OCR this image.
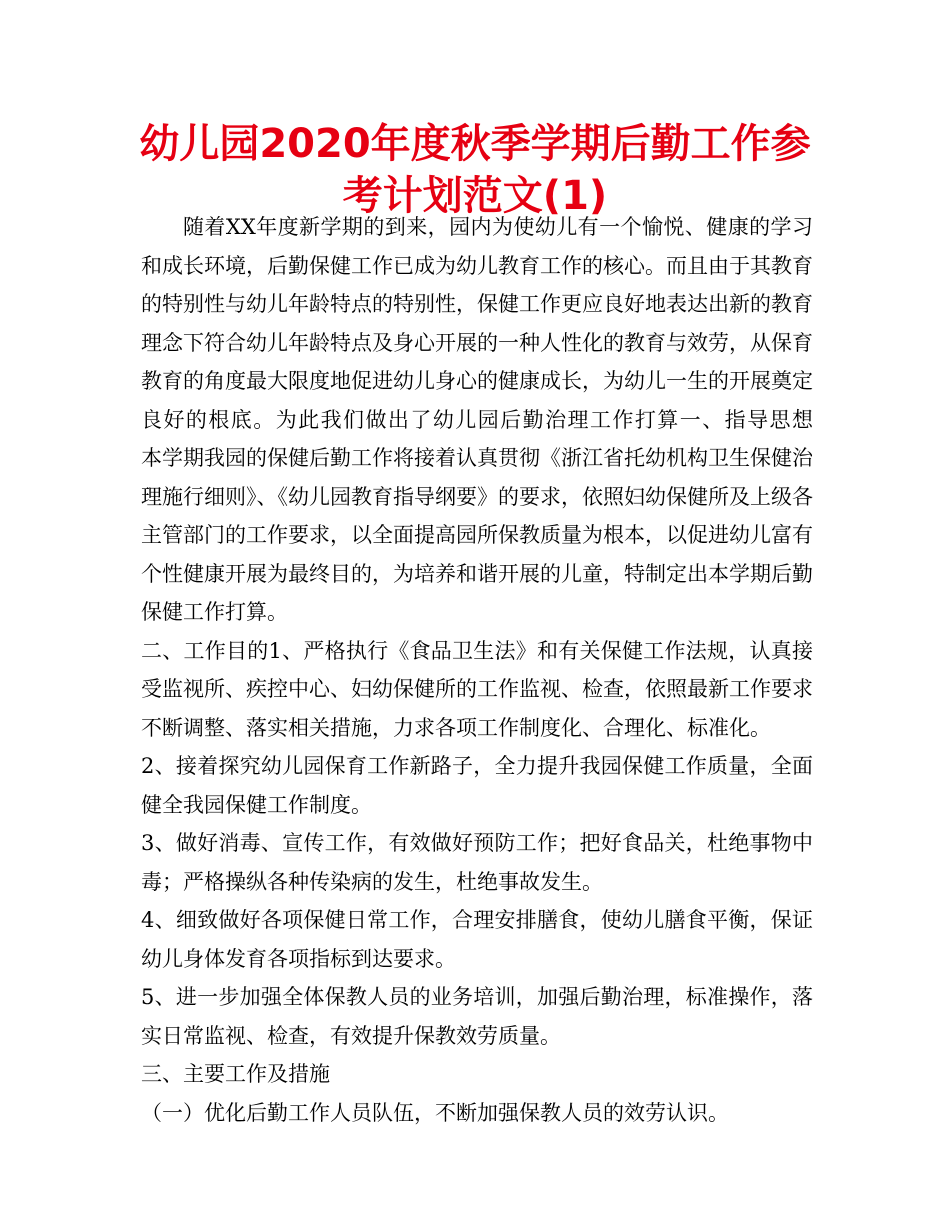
幼儿园2020年度秋季学期后勤工作参考计划范文(1)

随着XX年度新学期的到来，园内为使幼儿有一个愉悦、健康的学习和成长环境，后勤保健工作已成为幼儿教育工作的核心。而且由于其教育的特别性与幼儿年龄特点的特别性，保健工作更应良好地表达出新的教育理念下符合幼儿年龄特点及身心开展的一种人性化的教育与效劳，从保育教育的角度最大限度地促进幼儿身心的健康成长，为幼儿一生的开展奠定良好的根底。为此我们做出了幼儿园后勤治理工作打算一、指导思想　　本学期我园的保健后勤工作将接着认真贯彻《浙江省托幼机构卫生保健治理施行细则》、《幼儿园教育指导纲要》的要求，依照妇幼保健所及上级各主管部门的工作要求，以全面提高园所保教质量为根本，以促进幼儿富有个性健康开展为最终目的，为培养和谐开展的儿童，特制定出本学期后勤保健工作打算。

二、工作目的1、严格执行《食品卫生法》和有关保健工作法规，认真接受监视所、疾控中心、妇幼保健所的工作监视、检查，依照最新工作要求不断调整、落实相关措施，力求各项工作制度化、合理化、标准化。

2、接着探究幼儿园保育工作新路子，全力提升我园保健工作质量，全面健全我园保健工作制度。

3、做好消毒、宣传工作，有效做好预防工作；把好食品关，杜绝事物中毒；严格操纵各种传染病的发生，杜绝事故发生。

4、细致做好各项保健日常工作，合理安排膳食，使幼儿膳食平衡，保证幼儿身体发育各项指标到达要求。

5、进一步加强全体保教人员的业务培训，加强后勤治理，标准操作，落实日常监视、检查，有效提升保教效劳质量。

三、主要工作及措施

（一）优化后勤工作人员队伍，不断加强保教人员的效劳认识。
